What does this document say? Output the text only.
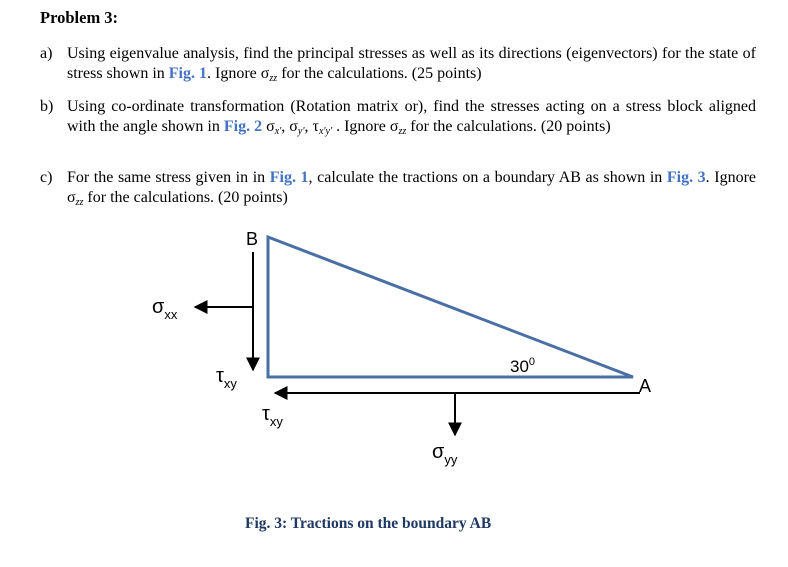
Problem 3:
a) Using eigenvalue analysis, find the principal stresses as well as its directions (eigenvectors) for the state of stress shown in Fig. 1. Ignore $\sigma_{zz}$ for the calculations. (25 points)
b) Using co-ordinate transformation (Rotation matrix or), find the stresses acting on a stress block aligned with the angle shown in Fig. 2 $\sigma_{x'}$, $\sigma_{y'}$, $\tau_{x'y'}$ . Ignore $\sigma_{zz}$ for the calculations. (20 points)
c) For the same stress given in in Fig. 1, calculate the tractions on a boundary AB as shown in Fig. 3. Ignore $\sigma_{zz}$ for the calculations. (20 points)
B
A
$30^0$
$\sigma_{xx}$
$\tau_{xy}$
$\tau_{xy}$
$\sigma_{yy}$
Fig. 3: Tractions on the boundary AB
